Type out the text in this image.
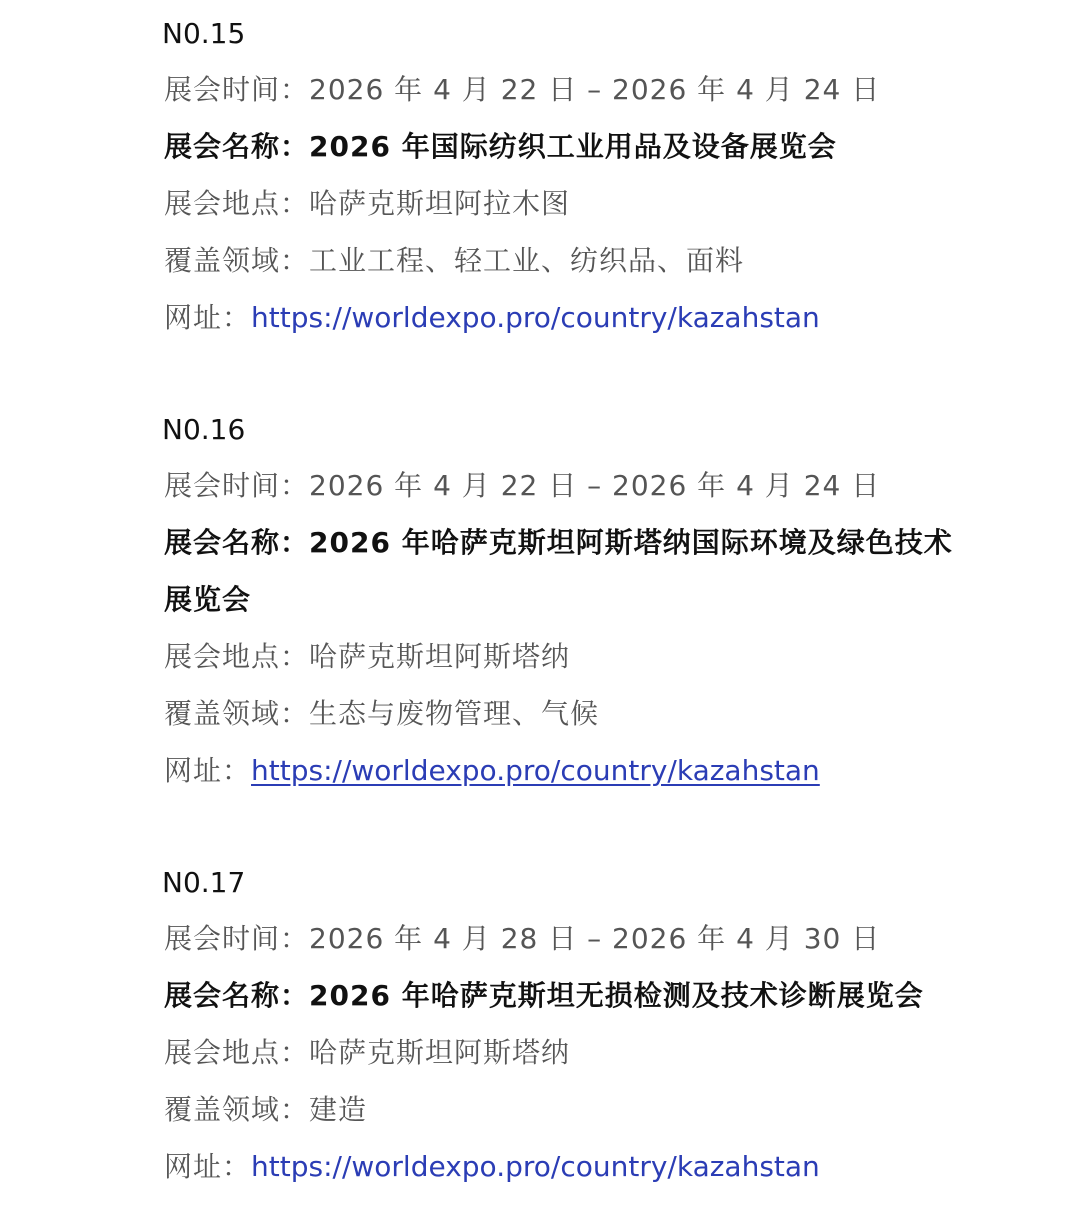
N0.15
展会时间：2026 年 4 月 22 日 – 2026 年 4 月 24 日
展会名称：2026 年国际纺织工业用品及设备展览会
展会地点：哈萨克斯坦阿拉木图
覆盖领域：工业工程、轻工业、纺织品、面料
网址：https://worldexpo.pro/country/kazahstan
N0.16
展会时间：2026 年 4 月 22 日 – 2026 年 4 月 24 日
展会名称：2026 年哈萨克斯坦阿斯塔纳国际环境及绿色技术
展览会
展会地点：哈萨克斯坦阿斯塔纳
覆盖领域：生态与废物管理、气候
网址：https://worldexpo.pro/country/kazahstan
N0.17
展会时间：2026 年 4 月 28 日 – 2026 年 4 月 30 日
展会名称：2026 年哈萨克斯坦无损检测及技术诊断展览会
展会地点：哈萨克斯坦阿斯塔纳
覆盖领域：建造
网址：https://worldexpo.pro/country/kazahstan
